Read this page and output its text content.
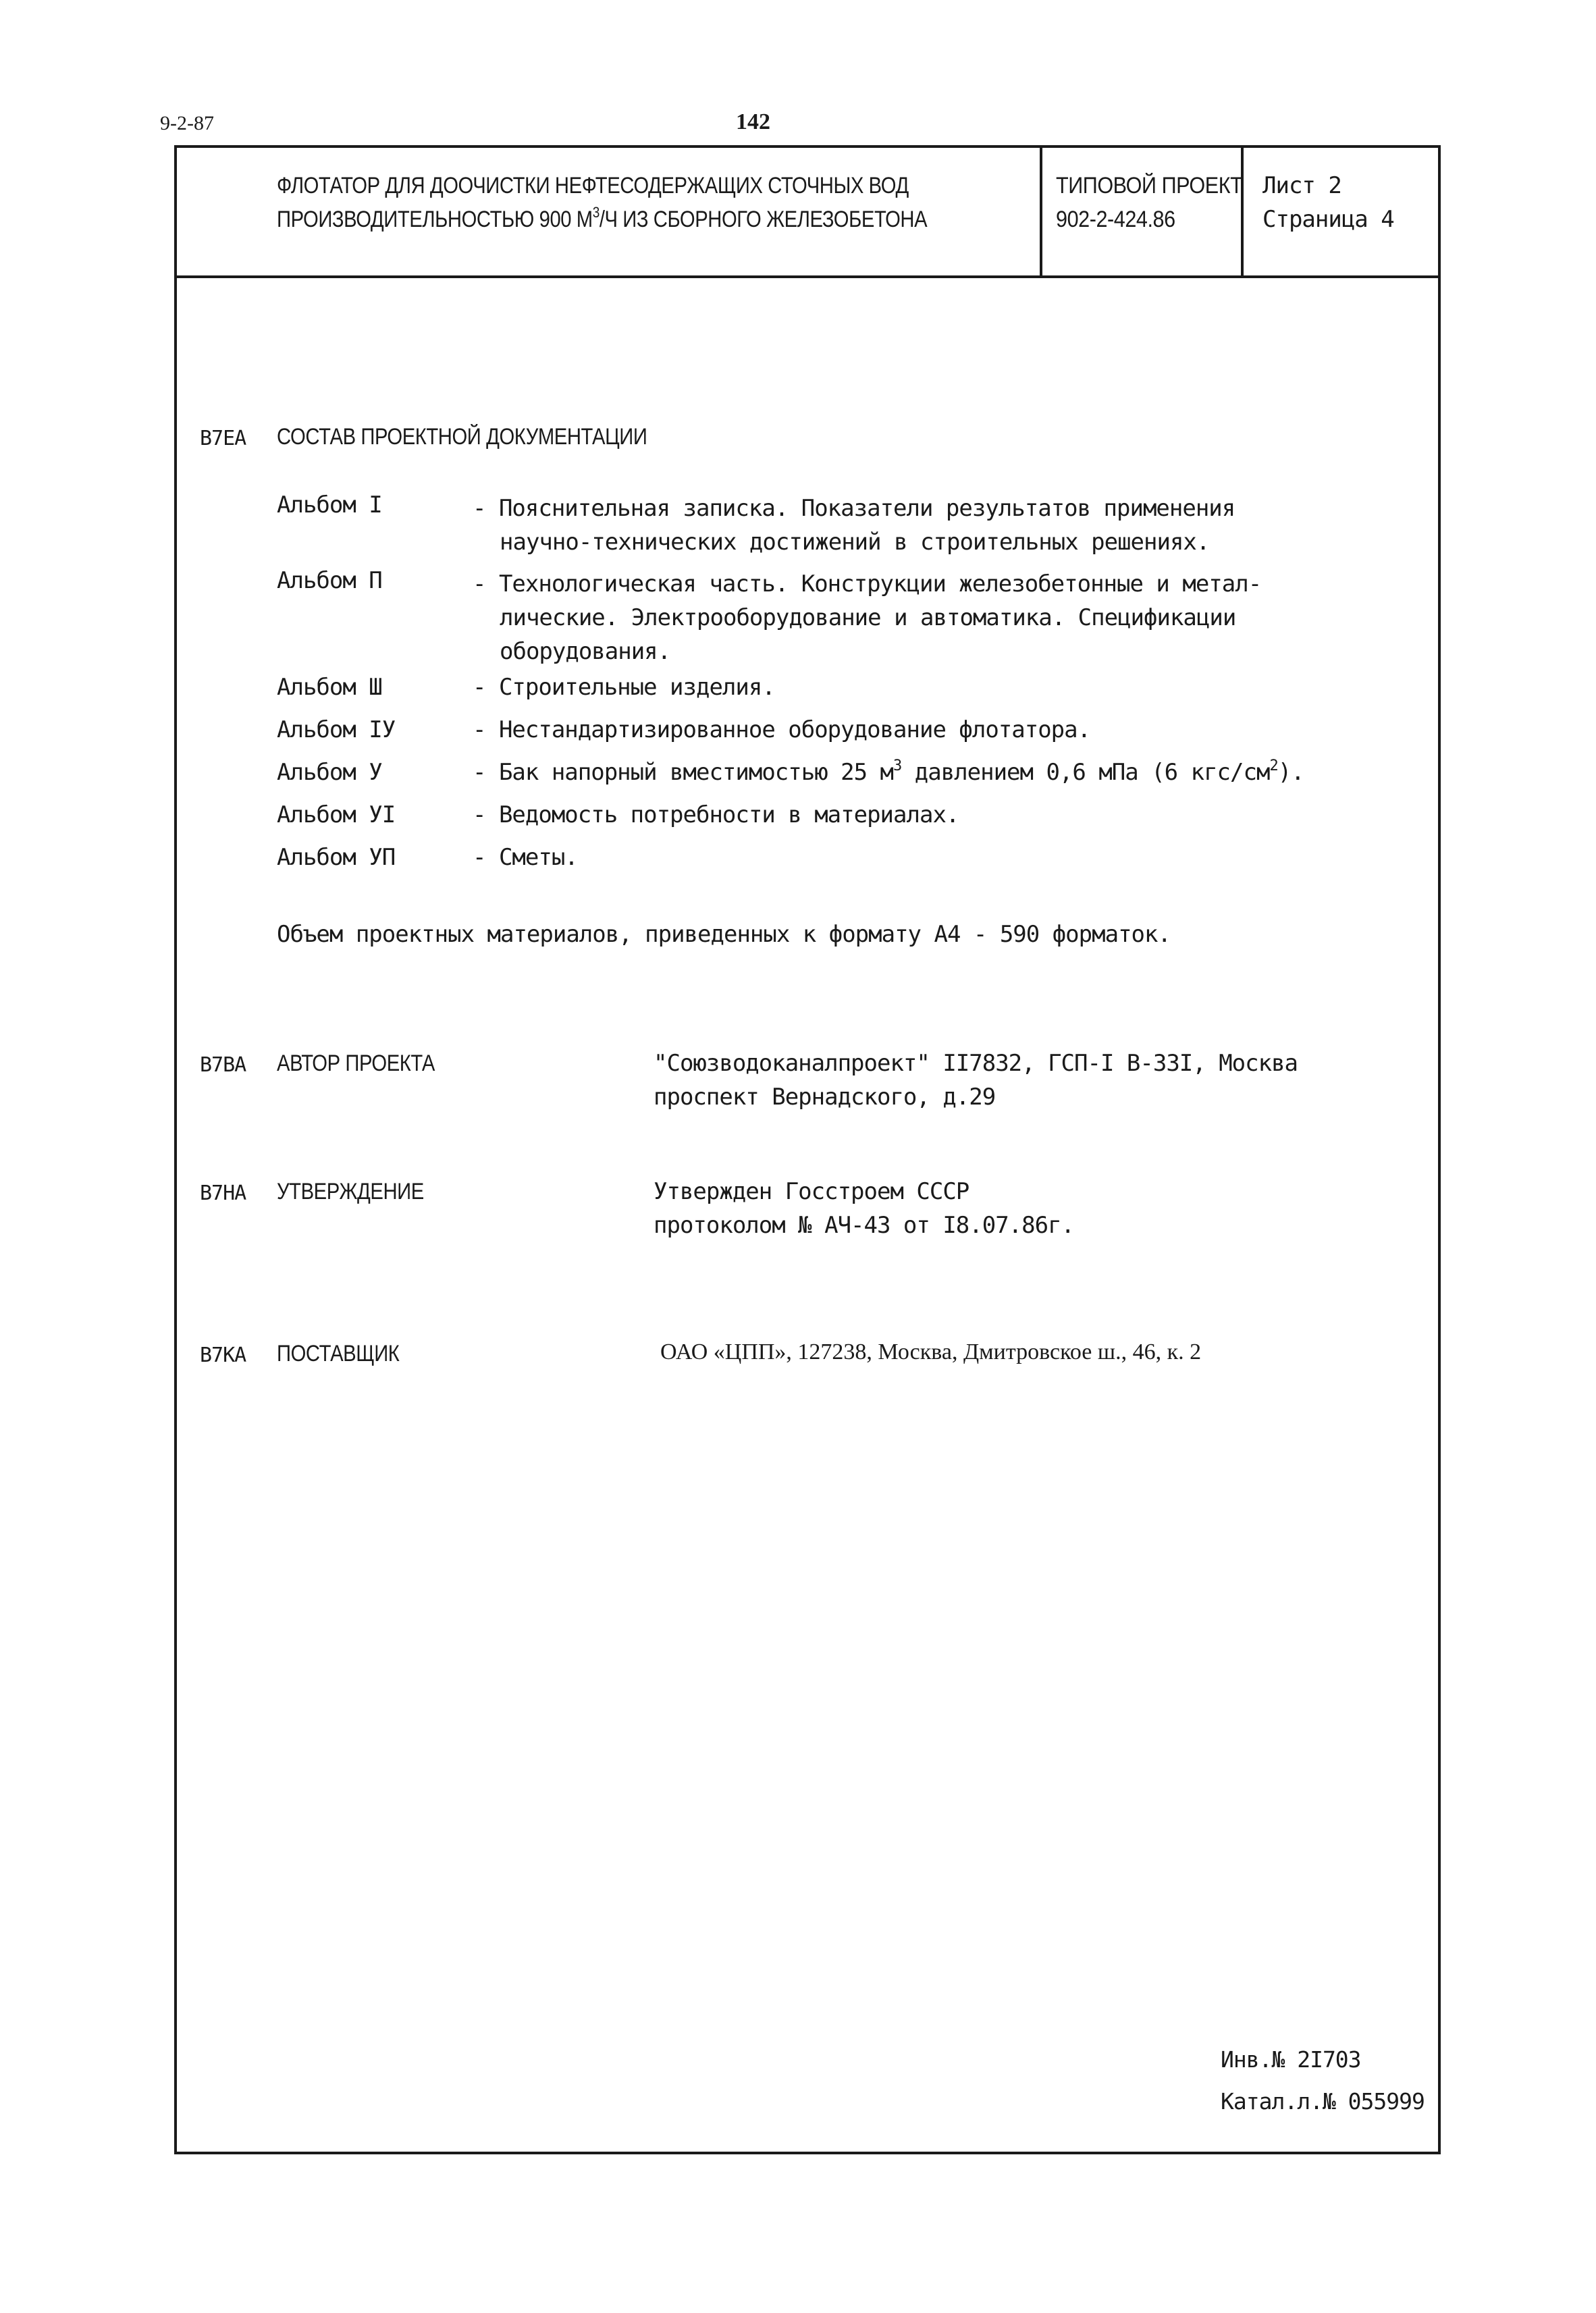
9-2-87	142
ФЛОТАТОР ДЛЯ ДООЧИСТКИ НЕФТЕСОДЕРЖАЩИХ СТОЧНЫХ ВОД
ПРОИЗВОДИТЕЛЬНОСТЬЮ 900 $М^3/Ч$ ИЗ СБОРНОГО ЖЕЛЕЗОБЕТОНА
ТИПОВОЙ ПРОЕКТ
902-2-424.86
Лист 2
Страница 4
В7ЕА СОСТАВ ПРОЕКТНОЙ ДОКУМЕНТАЦИИ
Альбом I	- Пояснительная записка. Показатели результатов применения
научно-технических достижений в строительных решениях.
Альбом П	- Технологическая часть. Конструкции железобетонные и метал-
лические. Электрооборудование и автоматика. Спецификации
оборудования.
Альбом Ш	- Строительные изделия.
Альбом IУ	- Нестандартизированное оборудование флотатора.
Альбом У	- Бак напорный вместимостью 25 $м^3$ давлением 0,6 мПа (6 кгс/$см^2$).
Альбом УI	- Ведомость потребности в материалах.
Альбом УП	- Сметы.
Объем проектных материалов, приведенных к формату А4 - 590 форматок.
В7ВА АВТОР ПРОЕКТА	"Союзводоканалпроект" II7832, ГСП-I В-33I, Москва
проспект Вернадского, д.29
В7НА УТВЕРЖДЕНИЕ	Утвержден Госстроем СССР
протоколом № АЧ-43 от I8.07.86г.
В7КА ПОСТАВЩИК	ОАО «ЦПП», 127238, Москва, Дмитровское ш., 46, к. 2
Инв.№ 2I703
Катал.л.№ 055999
